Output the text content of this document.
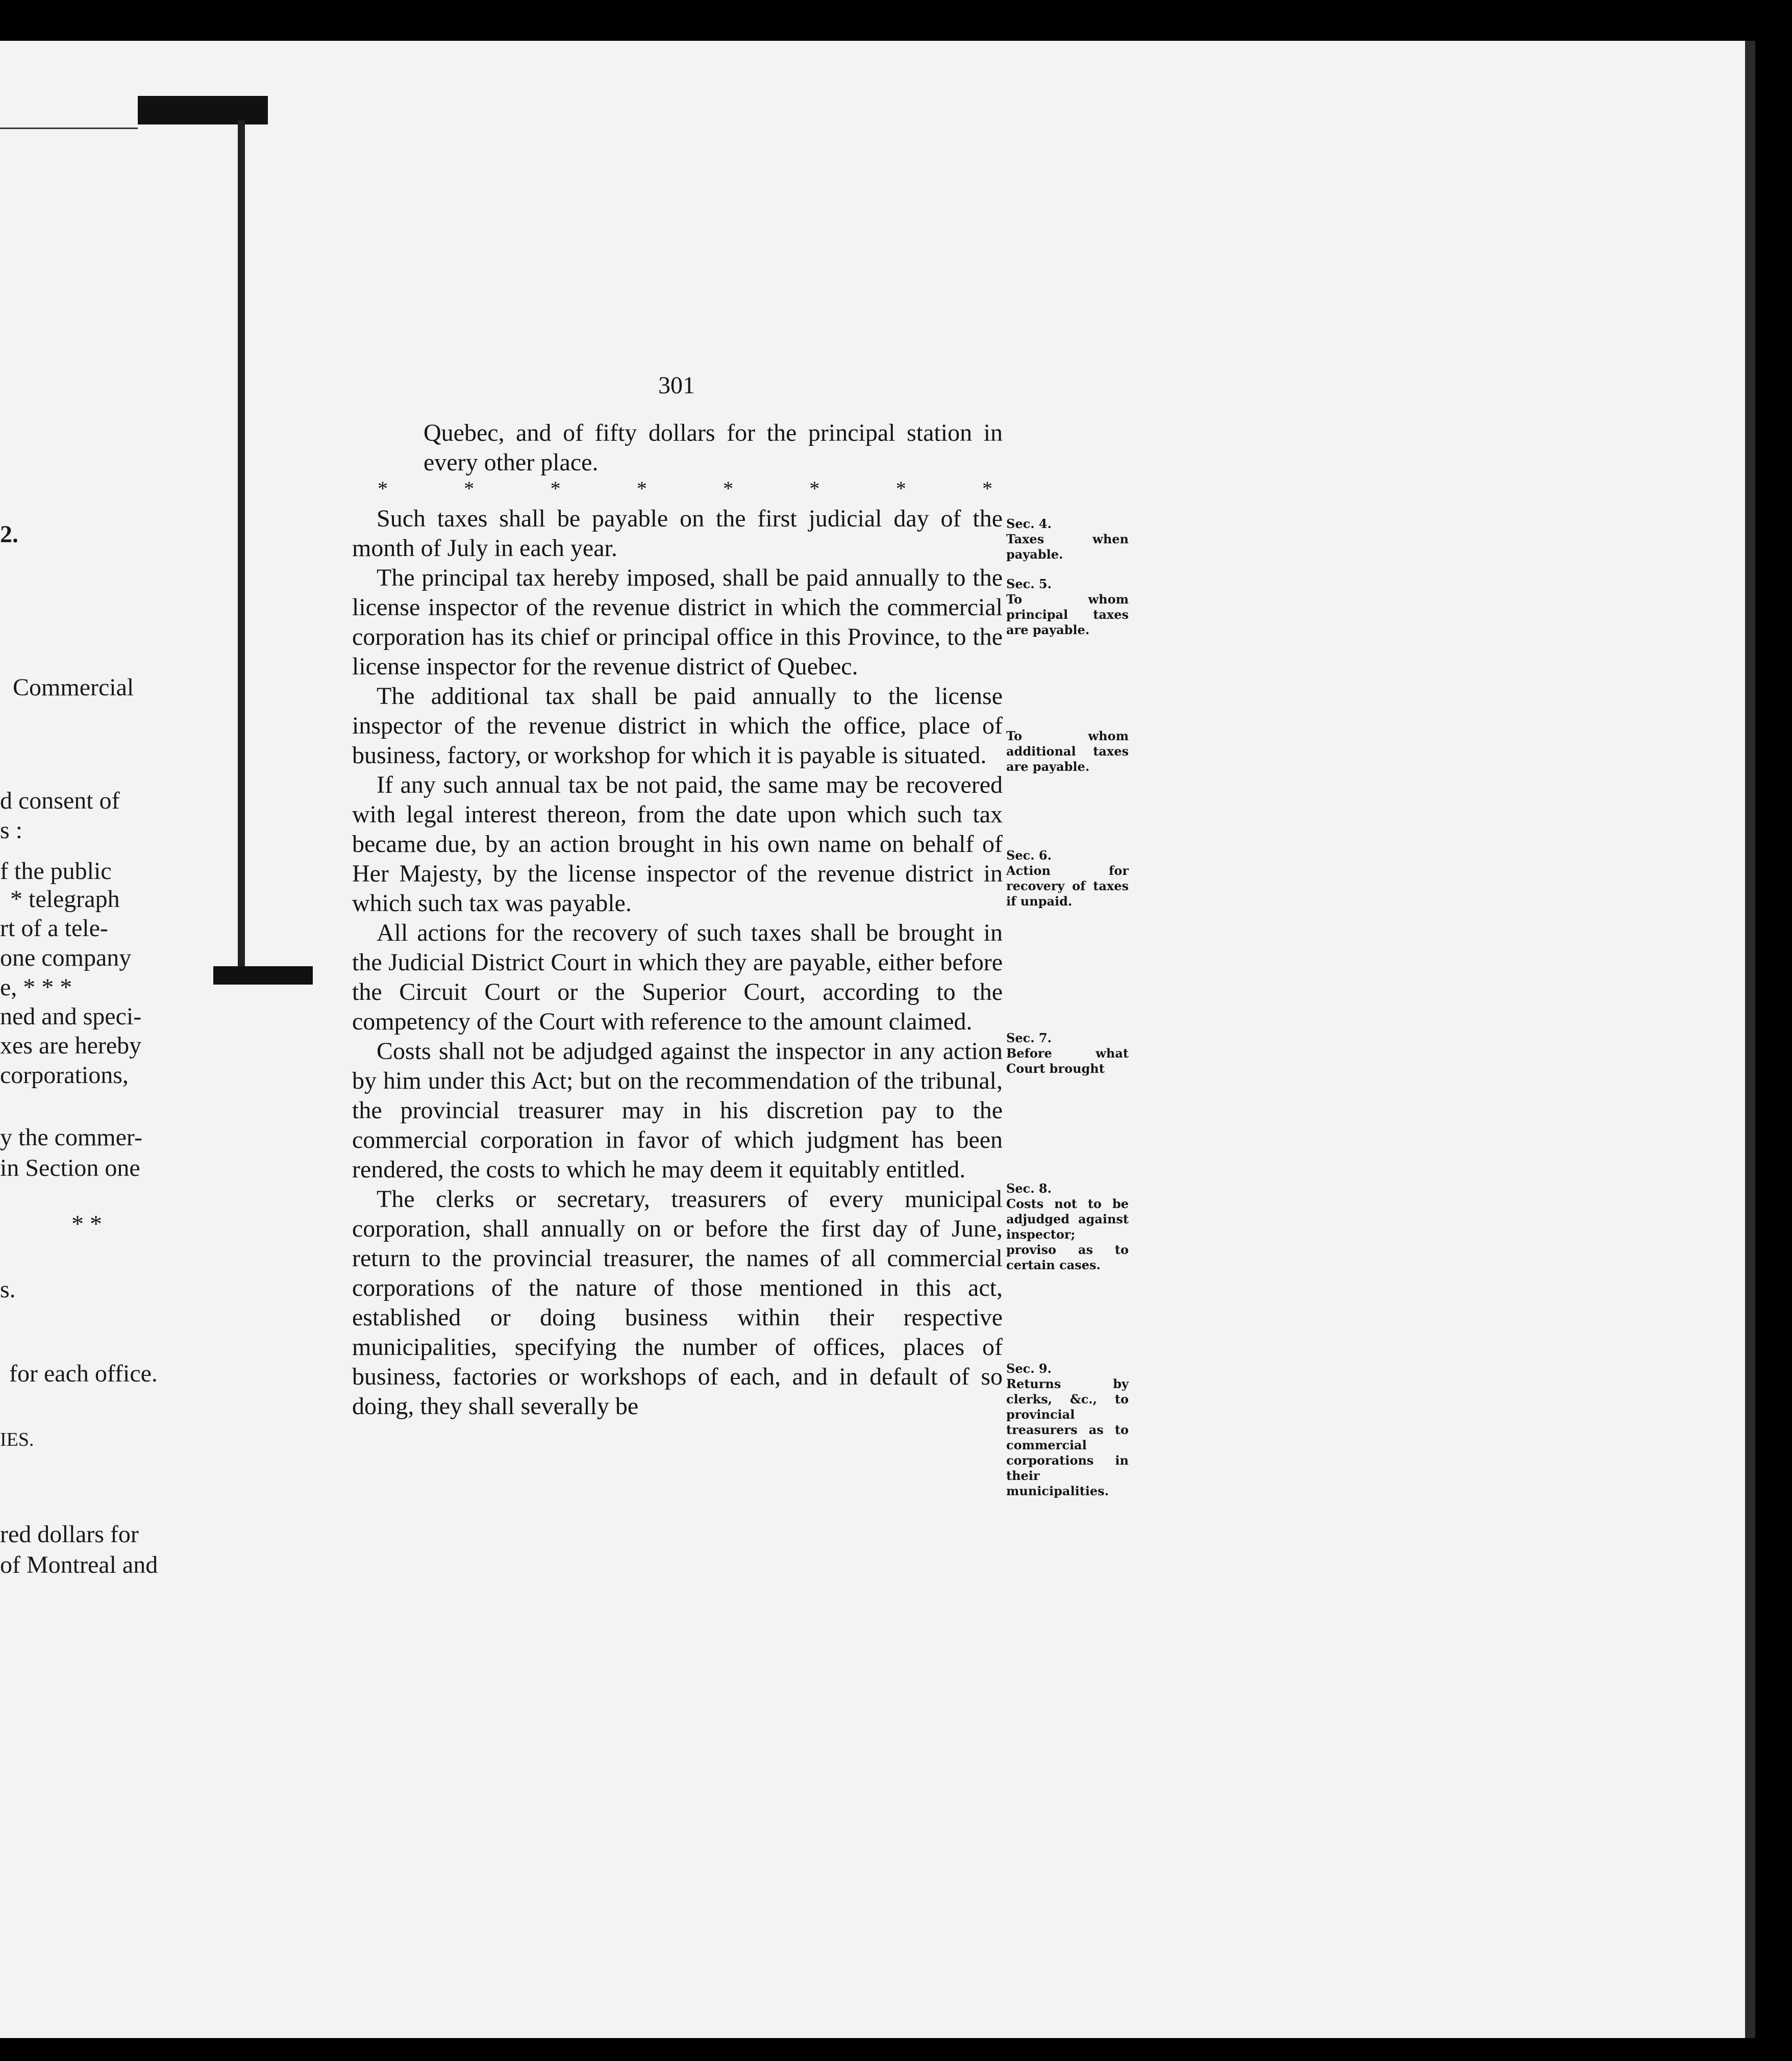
2.
Commercial
d consent of
s :
f the public
* telegraph
rt of a tele-
one company
e, * * *
ned and speci-
xes are hereby
corporations,
y the commer-
in Section one
* *
s.
for each office.
IES.
red dollars for
of Montreal and
301

Quebec, and of fifty dollars for the principal station in every other place.

*	*	*	*	*	*	*	*

Such taxes shall be payable on the first judicial day of the month of July in each year.

The principal tax hereby imposed, shall be paid annually to the license inspector of the revenue district in which the commercial corporation has its chief or principal office in this Province, to the license inspector for the revenue district of Quebec.

The additional tax shall be paid annually to the license inspector of the revenue district in which the office, place of business, factory, or workshop for which it is payable is situated.

If any such annual tax be not paid, the same may be recovered with legal interest thereon, from the date upon which such tax became due, by an action brought in his own name on behalf of Her Majesty, by the license inspector of the revenue district in which such tax was payable.

All actions for the recovery of such taxes shall be brought in the Judicial District Court in which they are payable, either before the Circuit Court or the Superior Court, according to the competency of the Court with reference to the amount claimed.

Costs shall not be adjudged against the inspector in any action by him under this Act; but on the recommendation of the tribunal, the provincial treasurer may in his discretion pay to the commercial corporation in favor of which judgment has been rendered, the costs to which he may deem it equitably entitled.

The clerks or secretary, treasurers of every municipal corporation, shall annually on or before the first day of June, return to the provincial treasurer, the names of all commercial corporations of the nature of those mentioned in this act, established or doing business within their respective municipalities, specifying the number of offices, places of business, factories or workshops of each, and in default of so doing, they shall severally be

Sec. 4.
Taxes when payable.
Sec. 5.
To whom principal taxes are payable.
To whom additional taxes are payable.
Sec. 6.
Action for recovery of taxes if unpaid.
Sec. 7.
Before what Court brought
Sec. 8.
Costs not to be adjudged against inspector; proviso as to certain cases.
Sec. 9.
Returns by clerks, &c., to provincial treasurers as to commercial corporations in their municipalities.
